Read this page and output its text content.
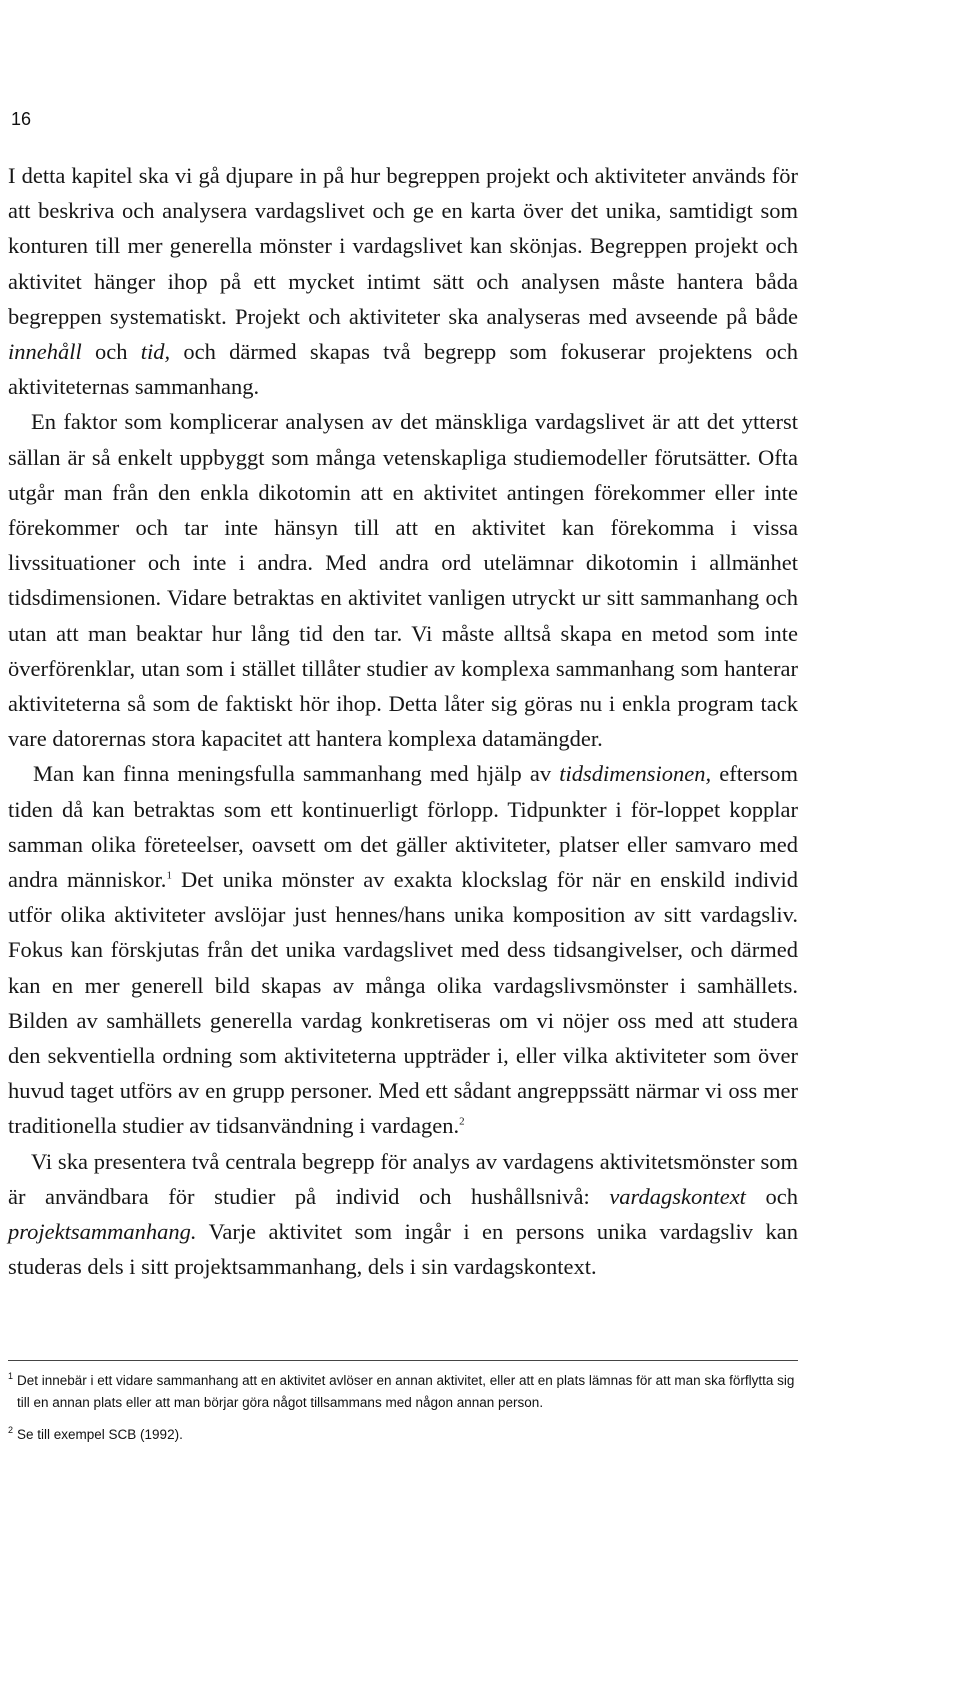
16

I detta kapitel ska vi gå djupare in på hur begreppen projekt och aktiviteter används för att beskriva och analysera vardagslivet och ge en karta över det unika, samtidigt som konturen till mer generella mönster i vardagslivet kan skönjas. Begreppen projekt och aktivitet hänger ihop på ett mycket intimt sätt och analysen måste hantera båda begreppen systematiskt. Projekt och aktiviteter ska analyseras med avseende på både innehåll och tid, och därmed skapas två begrepp som fokuserar projektens och aktiviteternas sammanhang.

En faktor som komplicerar analysen av det mänskliga vardagslivet är att det ytterst sällan är så enkelt uppbyggt som många vetenskapliga studiemodeller förutsätter. Ofta utgår man från den enkla dikotomin att en aktivitet antingen förekommer eller inte förekommer och tar inte hänsyn till att en aktivitet kan förekomma i vissa livssituationer och inte i andra. Med andra ord utelämnar dikotomin i allmänhet tidsdimensionen. Vidare betraktas en aktivitet vanligen utryckt ur sitt sammanhang och utan att man beaktar hur lång tid den tar. Vi måste alltså skapa en metod som inte överförenklar, utan som i stället tillåter studier av komplexa sammanhang som hanterar aktiviteterna så som de faktiskt hör ihop. Detta låter sig göras nu i enkla program tack vare datorernas stora kapacitet att hantera komplexa datamängder.

Man kan finna meningsfulla sammanhang med hjälp av tidsdimensionen, eftersom tiden då kan betraktas som ett kontinuerligt förlopp. Tidpunkter i för-loppet kopplar samman olika företeelser, oavsett om det gäller aktiviteter, platser eller samvaro med andra människor.$^1$ Det unika mönster av exakta klockslag för när en enskild individ utför olika aktiviteter avslöjar just hennes/hans unika komposition av sitt vardagsliv. Fokus kan förskjutas från det unika vardagslivet med dess tidsangivelser, och därmed kan en mer generell bild skapas av många olika vardagslivsmönster i samhällets. Bilden av samhällets generella vardag konkretiseras om vi nöjer oss med att studera den sekventiella ordning som aktiviteterna uppträder i, eller vilka aktiviteter som över huvud taget utförs av en grupp personer. Med ett sådant angreppssätt närmar vi oss mer traditionella studier av tidsanvändning i vardagen.$^2$

Vi ska presentera två centrala begrepp för analys av vardagens aktivitetsmönster som är användbara för studier på individ och hushållsnivå: vardagskontext och projektsammanhang. Varje aktivitet som ingår i en persons unika vardagsliv kan studeras dels i sitt projektsammanhang, dels i sin vardagskontext.

1 Det innebär i ett vidare sammanhang att en aktivitet avlöser en annan aktivitet, eller att en plats lämnas för att man ska förflytta sig till en annan plats eller att man börjar göra något tillsammans med någon annan person.
2 Se till exempel SCB (1992).
